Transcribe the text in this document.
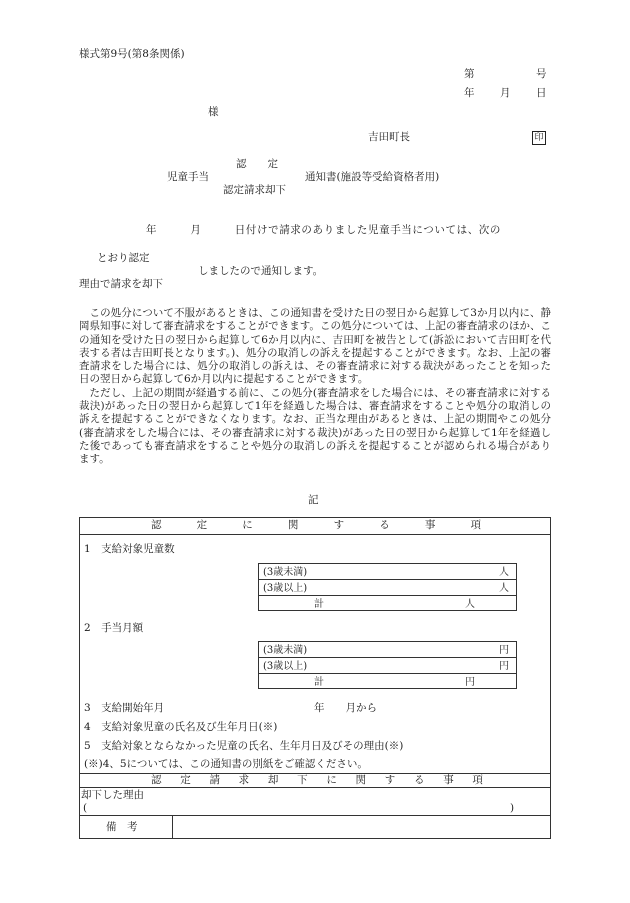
様式第9号(第8条関係)
第	号
年 月 日
様
吉田町長	印
認　　定
児童手当	通知書(施設等受給資格者用)
認定請求却下
年　　　月　　　日付けで請求のありました児童手当については、次の
とおり認定
しましたので通知します。
理由で請求を却下

この処分について不服があるときは、この通知書を受けた日の翌日から起算して3か月以内に、静岡県知事に対して審査請求をすることができます。この処分については、上記の審査請求のほか、この通知を受けた日の翌日から起算して6か月以内に、吉田町を被告として(訴訟において吉田町を代表する者は吉田町長となります。)、処分の取消しの訴えを提起することができます。なお、上記の審査請求をした場合には、処分の取消しの訴えは、その審査請求に対する裁決があったことを知った日の翌日から起算して6か月以内に提起することができます。

ただし、上記の期間が経過する前に、この処分(審査請求をした場合には、その審査請求に対する裁決)があった日の翌日から起算して1年を経過した場合は、審査請求をすることや処分の取消しの訴えを提起することができなくなります。なお、正当な理由があるときは、上記の期間やこの処分(審査請求をした場合には、その審査請求に対する裁決)があった日の翌日から起算して1年を経過した後であっても審査請求をすることや処分の取消しの訴えを提起することが認められる場合があります。

記
認	定	に	関	す	る	事	項
1　支給対象児童数
(3歳未満)	人
(3歳以上)	人
計	人
2　手当月額
(3歳未満)	円
(3歳以上)	円
計	円
3　支給開始年月	年　　月から
4　支給対象児童の氏名及び生年月日(※)
5　支給対象とならなかった児童の氏名、生年月日及びその理由(※)
(※)4、5については、この通知書の別紙をご確認ください。
認 定 請 求 却 下 に 関 す る 事 項
却下した理由
(	)
備　考
